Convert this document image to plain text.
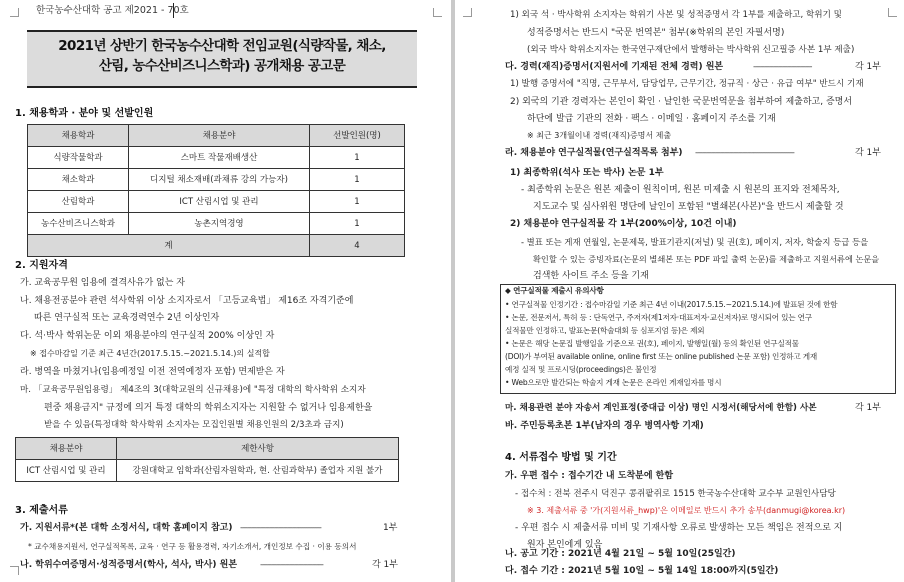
한국농수산대학 공고 제2021 - 70호
2021년 상반기 한국농수산대학 전임교원(식량작물, 채소,
산림, 농수산비즈니스학과) 공개채용 공고문
1. 채용학과 · 분야 및 선발인원
채용학과	채용분야	선발인원(명)
식량작물학과	스마트 작물재배생산	1
채소학과	디지털 채소재배(과채류 강의 가능자)	1
산림학과	ICT 산림시업 및 관리	1
농수산비즈니스학과	농촌지역경영	1
계		4
2. 지원자격
가. 교육공무원 임용에 결격사유가 없는 자
나. 채용전공분야 관련 석사학위 이상 소지자로서 「고등교육법」 제16조 자격기준에
따른 연구실적 또는 교육경력연수 2년 이상인자
다. 석·박사 학위논문 이외 채용분야의 연구실적 200% 이상인 자
※ 접수마감일 기준 최근 4년간(2017.5.15.~2021.5.14.)의 실적합
라. 병역을 마쳤거나(임용예정일 이전 전역예정자 포함) 면제받은 자
마. 「교육공무원임용령」 제4조의 3(대학교원의 신규채용)에 "특정 대학의 학사학위 소지자
편중 채용금지" 규정에 의거 특정 대학의 학위소지자는 지원할 수 없거나 임용제한을
받을 수 있음(특정대학 학사학위 소지자는 모집인원별 채용인원의 2/3초과 금지)
채용분야	제한사항
ICT 산림시업 및 관리	강원대학교 임학과(산림자원학과, 현. 산림과학부) 졸업자 지원 불가
3. 제출서류
가. 지원서류*(본 대학 소정서식, 대학 홈페이지 참고) ------------------------------------	1부
* 교수채용지원서, 연구실적목록, 교육 · 연구 등 활용경력, 자기소개서, 개인정보 수집 · 이용 동의서
나. 학위수여증명서·성적증명서(학사, 석사, 박사) 원본	----------------------------	각 1부
1) 외국 석 · 박사학위 소지자는 학위기 사본 및 성적증명서 각 1부를 제출하고, 학위기 및
성적증명서는 반드시 "국문 번역본" 첨부(※학위의 본인 자필서명)
(외국 박사 학위소지자는 한국연구재단에서 발행하는 박사학위 신고필증 사본 1부 제출)
다. 경력(재직)증명서(지원서에 기재된 전체 경력) 원본	--------------------------	각 1부
1) 발행 증명서에 "직명, 근무부서, 담당업무, 근무기간, 정규직 · 상근 · 유급 여부" 반드시 기재
2) 외국의 기관 경력자는 본인이 확인 · 날인한 국문번역문을 첨부하여 제출하고, 증명서
하단에 발급 기관의 전화 · 팩스 · 이메일 · 홈페이지 주소를 기재
※ 최근 3개월이내 경력(재직)증명서 제출
라. 채용분야 연구실적물(연구실적목록 첨부) --------------------------------------------	각 1부
1) 최종학위(석사 또는 박사) 논문 1부
- 최종학위 논문은 원본 제출이 원칙이며, 원본 미제출 시 원본의 표지와 전체목차,
지도교수 및 심사위원 명단에 날인이 포함된 "별쇄본(사본)"을 반드시 제출할 것
2) 채용분야 연구실적물 각 1부(200%이상, 10건 이내)
- 별표 또는 게재 연월일, 논문제목, 발표기관지(저널) 및 권(호), 페이지, 저자, 학술지 등급 등을
확인할 수 있는 증빙자료(논문의 별쇄본 또는 PDF 파일 출력 논문)를 제출하고 지원서류에 논문을
검색한 사이트 주소 등을 기재
◆ 연구실적물 제출시 유의사항
• 연구실적물 인정기간 : 접수마감일 기준 최근 4년 이내(2017.5.15.~2021.5.14.)에 발표된 것에 한함
• 논문, 전문저서, 특허 등 : 단독연구, 주저자(제1저자·대표저자·교신저자)로 명시되어 있는 연구
실적물만 인정하고, 발표논문(학술대회 등 심포지엄 등)은 제외
• 논문은 해당 논문집 발행일을 기준으로 권(호), 페이지, 발행일(월) 등의 확인된 연구실적물
(DOI)가 부여된 available online, online first 또는 online published 논문 포함) 인정하고 게재
예정 실적 및 프로시딩(proceedings)은 불인정
• Web으로만 발간되는 학술지 게재 논문은 온라인 게재일자를 명시
마. 채용관련 분야 자송서 계인표정(중대급 이상) 명인 시정서(해당서에 한함) 사본	각 1부
바. 주민등록초본 1부(남자의 경우 병역사항 기재)
4. 서류접수 방법 및 기간
가. 우편 접수 : 접수기간 내 도착분에 한함
- 접수처 : 전북 전주시 덕진구 콩쥐팥쥐로 1515 한국농수산대학 교수부 교원인사담당
※ 3. 제출서류 중 '가(지원서류_hwp)'은 이메일로 반드시 추가 송부(danmugi@korea.kr)
- 우편 접수 시 제출서류 미비 및 기재사항 오류로 발생하는 모든 책임은 전적으로 지
원자 본인에게 있음
나. 공고 기간 : 2021년 4월 21일 ~ 5월 10일(25일간)
다. 접수 기간 : 2021년 5월 10일 ~ 5월 14일 18:00까지(5일간)
